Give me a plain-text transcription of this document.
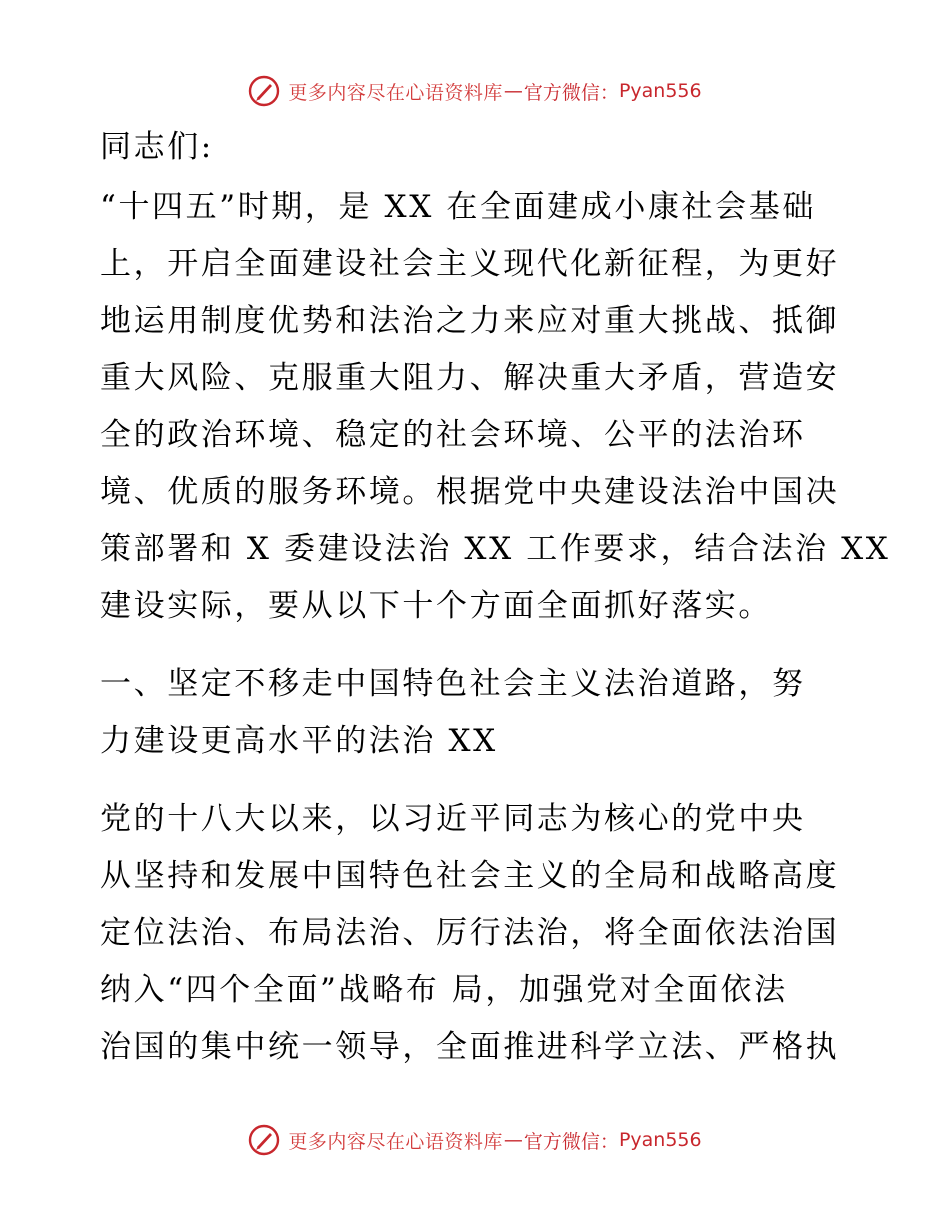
更多内容尽在心语资料库 — 官方微信： Pyan556
同志们:
“十四五”时期，是 XX 在全面建成小康社会基础
上，开启全面建设社会主义现代化新征程，为更好
地运用制度优势和法治之力来应对重大挑战、抵御
重大风险、克服重大阻力、解决重大矛盾，营造安
全的政治环境、稳定的社会环境、公平的法治环
境、优质的服务环境。根据党中央建设法治中国决
策部署和 X 委建设法治 XX 工作要求，结合法治 XX
建设实际，要从以下十个方面全面抓好落实。
一、坚定不移走中国特色社会主义法治道路，努
力建设更高水平的法治 XX
党的十八大以来，以习近平同志为核心的党中央
从坚持和发展中国特色社会主义的全局和战略高度
定位法治、布局法治、厉行法治，将全面依法治国
纳入“四个全面”战略布 局，加强党对全面依法
治国的集中统一领导，全面推进科学立法、严格执
更多内容尽在心语资料库 — 官方微信： Pyan556
